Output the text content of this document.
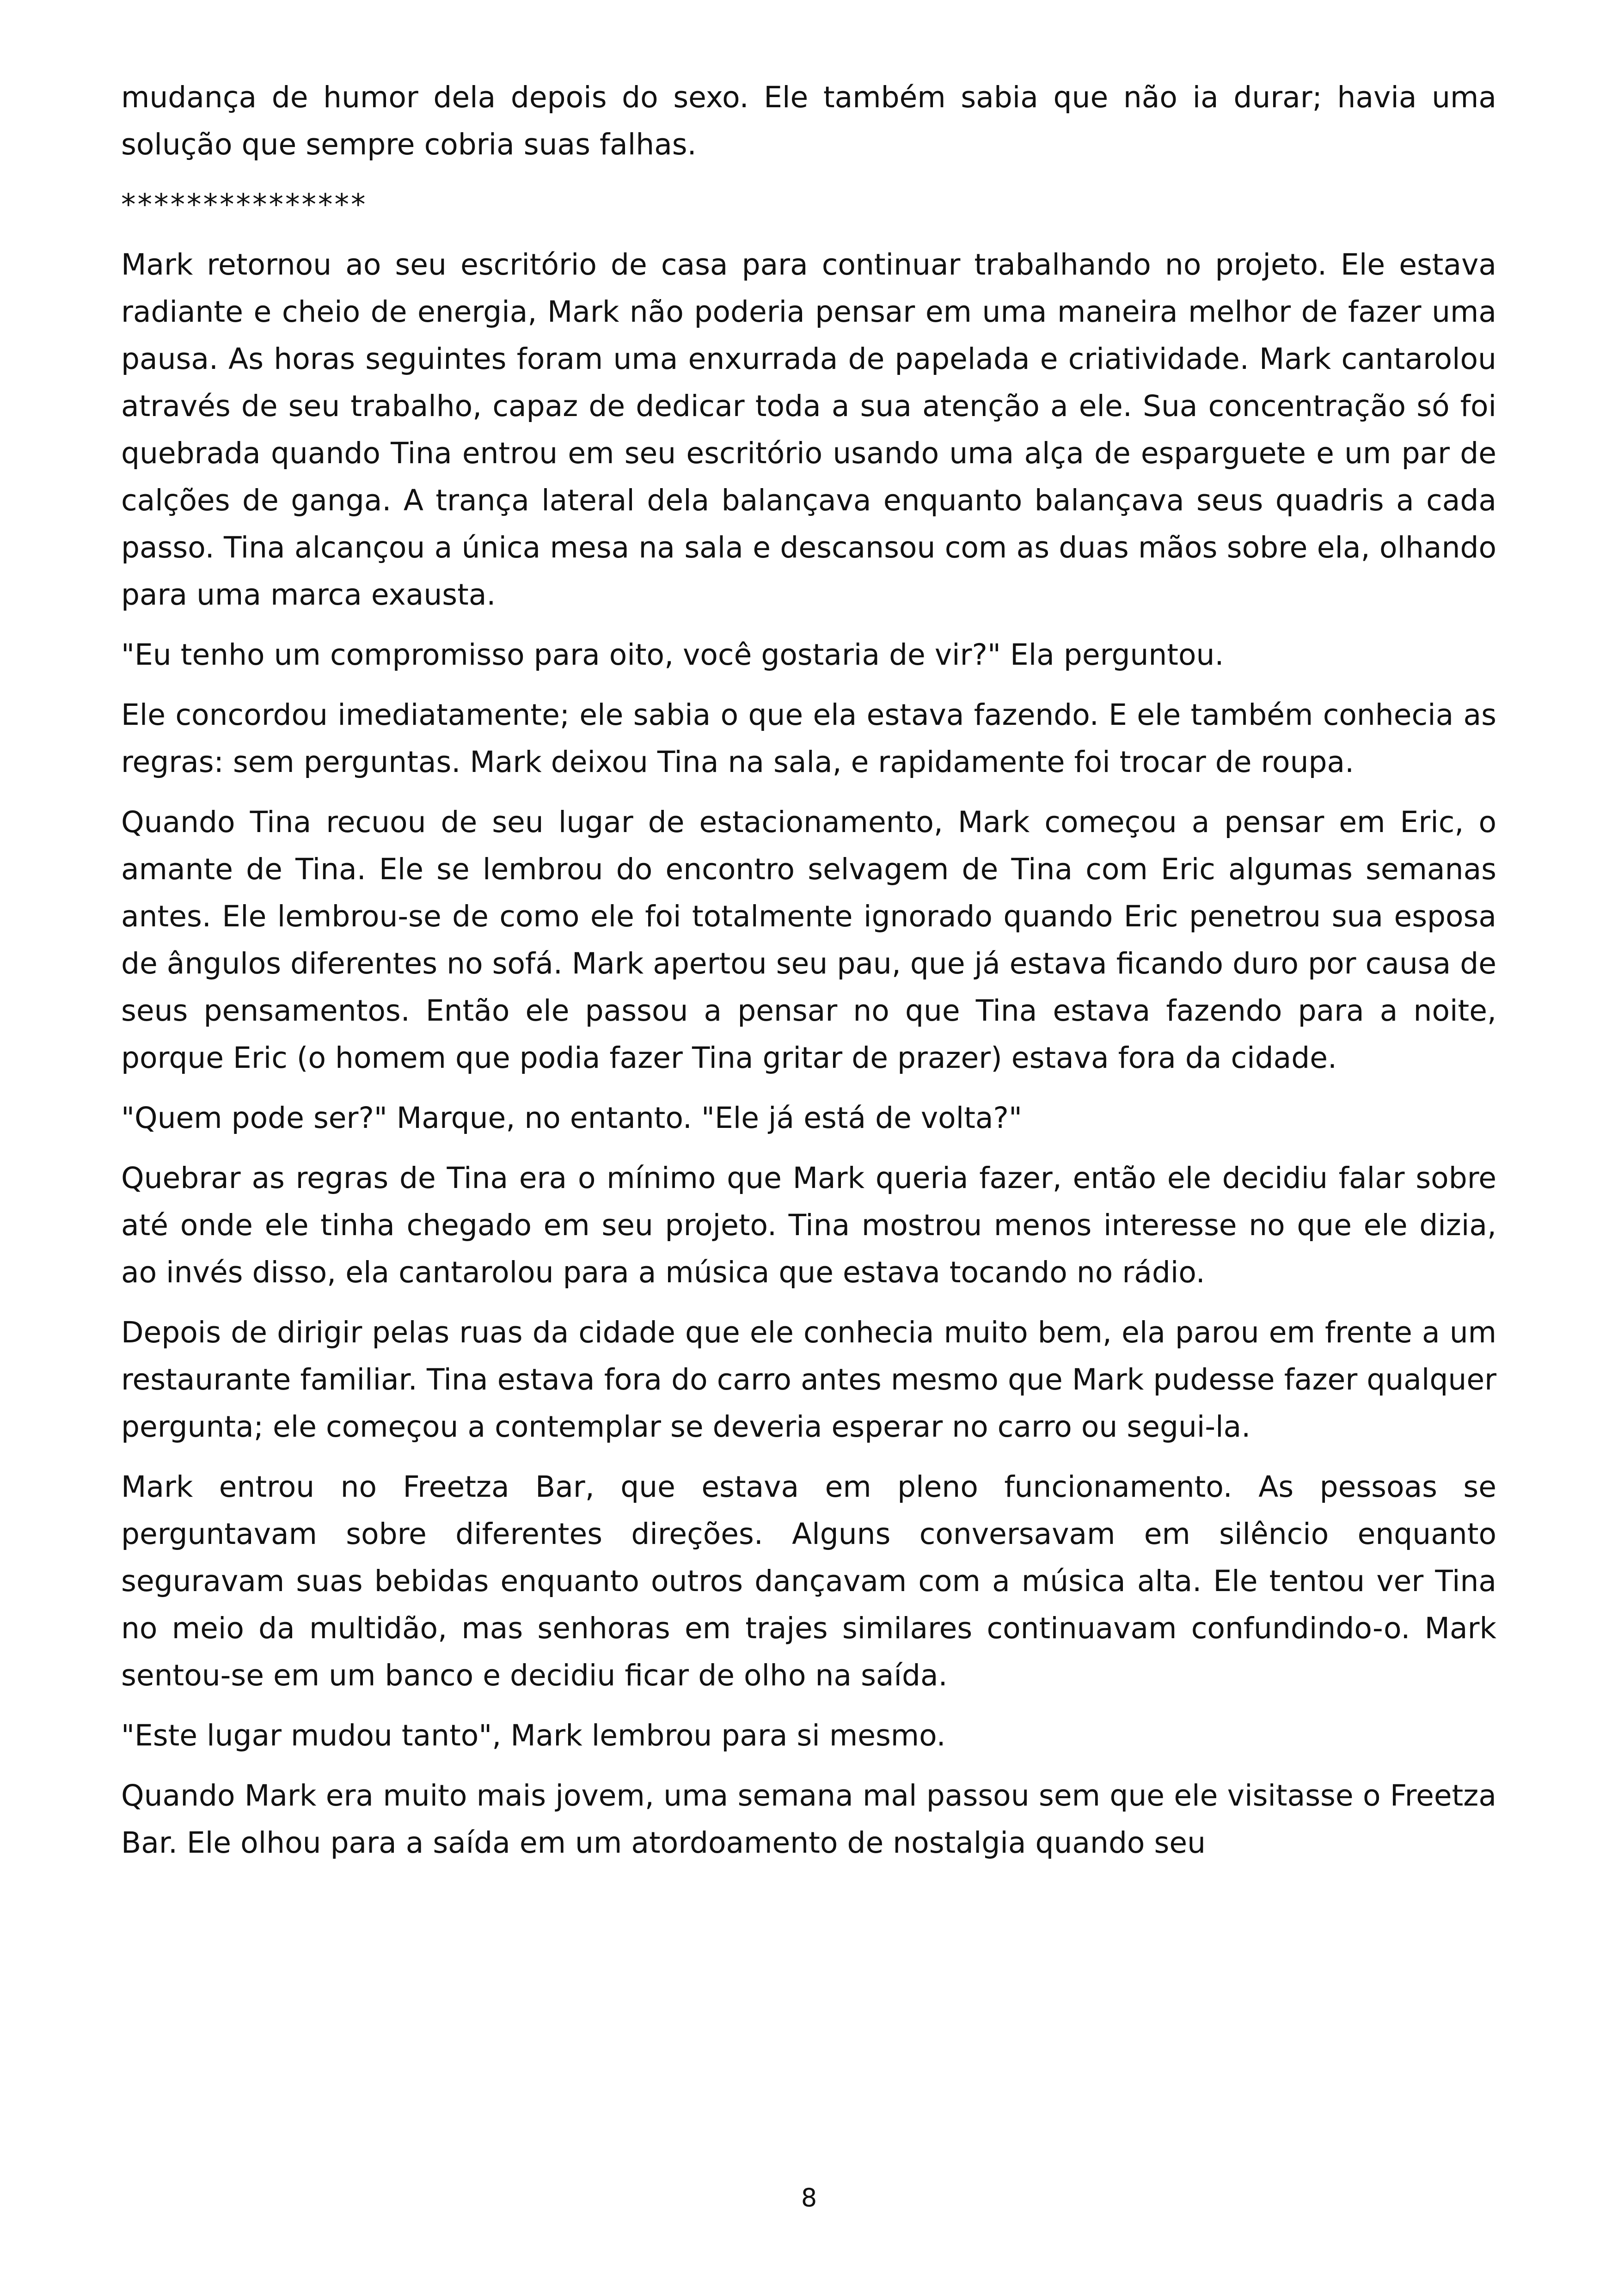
mudança de humor dela depois do sexo. Ele também sabia que não ia durar; havia uma solução que sempre cobria suas falhas.

***************

Mark retornou ao seu escritório de casa para continuar trabalhando no projeto. Ele estava radiante e cheio de energia, Mark não poderia pensar em uma maneira melhor de fazer uma pausa. As horas seguintes foram uma enxurrada de papelada e criatividade. Mark cantarolou através de seu trabalho, capaz de dedicar toda a sua atenção a ele. Sua concentração só foi quebrada quando Tina entrou em seu escritório usando uma alça de esparguete e um par de calções de ganga. A trança lateral dela balançava enquanto balançava seus quadris a cada passo. Tina alcançou a única mesa na sala e descansou com as duas mãos sobre ela, olhando para uma marca exausta.

"Eu tenho um compromisso para oito, você gostaria de vir?" Ela perguntou.

Ele concordou imediatamente; ele sabia o que ela estava fazendo. E ele também conhecia as regras: sem perguntas. Mark deixou Tina na sala, e rapidamente foi trocar de roupa.

Quando Tina recuou de seu lugar de estacionamento, Mark começou a pensar em Eric, o amante de Tina. Ele se lembrou do encontro selvagem de Tina com Eric algumas semanas antes. Ele lembrou-se de como ele foi totalmente ignorado quando Eric penetrou sua esposa de ângulos diferentes no sofá. Mark apertou seu pau, que já estava ficando duro por causa de seus pensamentos. Então ele passou a pensar no que Tina estava fazendo para a noite, porque Eric (o homem que podia fazer Tina gritar de prazer) estava fora da cidade.

"Quem pode ser?" Marque, no entanto. "Ele já está de volta?"

Quebrar as regras de Tina era o mínimo que Mark queria fazer, então ele decidiu falar sobre até onde ele tinha chegado em seu projeto. Tina mostrou menos interesse no que ele dizia, ao invés disso, ela cantarolou para a música que estava tocando no rádio.

Depois de dirigir pelas ruas da cidade que ele conhecia muito bem, ela parou em frente a um restaurante familiar. Tina estava fora do carro antes mesmo que Mark pudesse fazer qualquer pergunta; ele começou a contemplar se deveria esperar no carro ou segui-la.

Mark entrou no Freetza Bar, que estava em pleno funcionamento. As pessoas se perguntavam sobre diferentes direções. Alguns conversavam em silêncio enquanto seguravam suas bebidas enquanto outros dançavam com a música alta. Ele tentou ver Tina no meio da multidão, mas senhoras em trajes similares continuavam confundindo-o. Mark sentou-se em um banco e decidiu ficar de olho na saída.

"Este lugar mudou tanto", Mark lembrou para si mesmo.

Quando Mark era muito mais jovem, uma semana mal passou sem que ele visitasse o Freetza Bar. Ele olhou para a saída em um atordoamento de nostalgia quando seu

8
